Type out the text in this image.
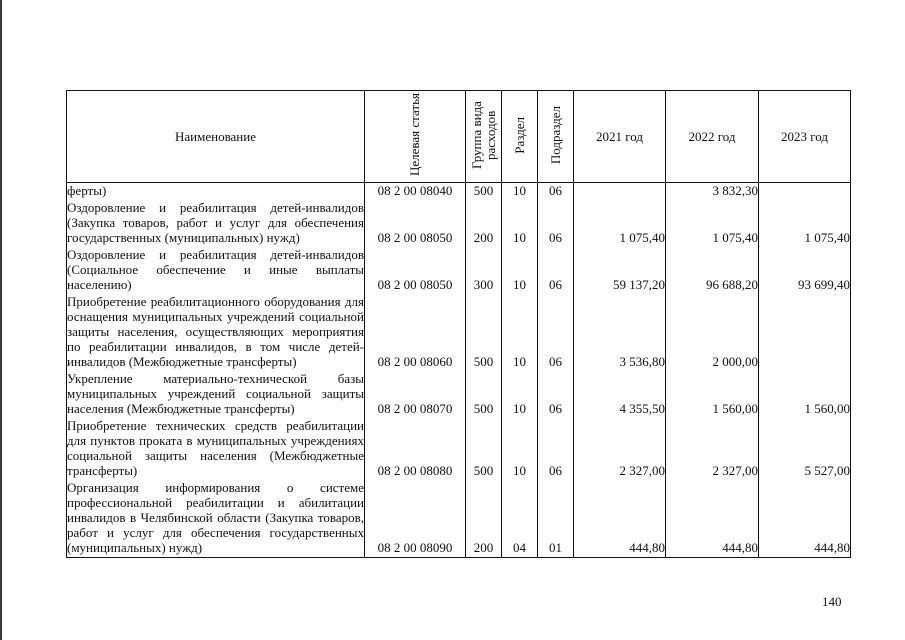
Наименование	Целевая статья	Группа вида расходов	Раздел	Подраздел	2021 год	2022 год	2023 год
ферты)	08 2 00 08040	500	10	06		3 832,30	
Оздоровление и реабилитация детей-инвалидов (Закупка товаров, работ и услуг для обеспечения государственных (муниципальных) нужд)	08 2 00 08050	200	10	06	1 075,40	1 075,40	1 075,40
Оздоровление и реабилитация детей-инвалидов (Социальное обеспечение и иные выплаты населению)	08 2 00 08050	300	10	06	59 137,20	96 688,20	93 699,40
Приобретение реабилитационного оборудования для оснащения муниципальных учреждений социальной защиты населения, осуществляющих мероприятия по реабилитации инвалидов, в том числе детей-инвалидов (Межбюджетные трансферты)	08 2 00 08060	500	10	06	3 536,80	2 000,00	
Укрепление материально-технической базы муниципальных учреждений социальной защиты населения (Межбюджетные трансферты)	08 2 00 08070	500	10	06	4 355,50	1 560,00	1 560,00
Приобретение технических средств реабилитации для пунктов проката в муниципальных учреждениях социальной защиты населения (Межбюджетные трансферты)	08 2 00 08080	500	10	06	2 327,00	2 327,00	5 527,00
Организация информирования о системе профессиональной реабилитации и абилитации инвалидов в Челябинской области (Закупка товаров, работ и услуг для обеспечения государственных (муниципальных) нужд)	08 2 00 08090	200	04	01	444,80	444,80	444,80
140
